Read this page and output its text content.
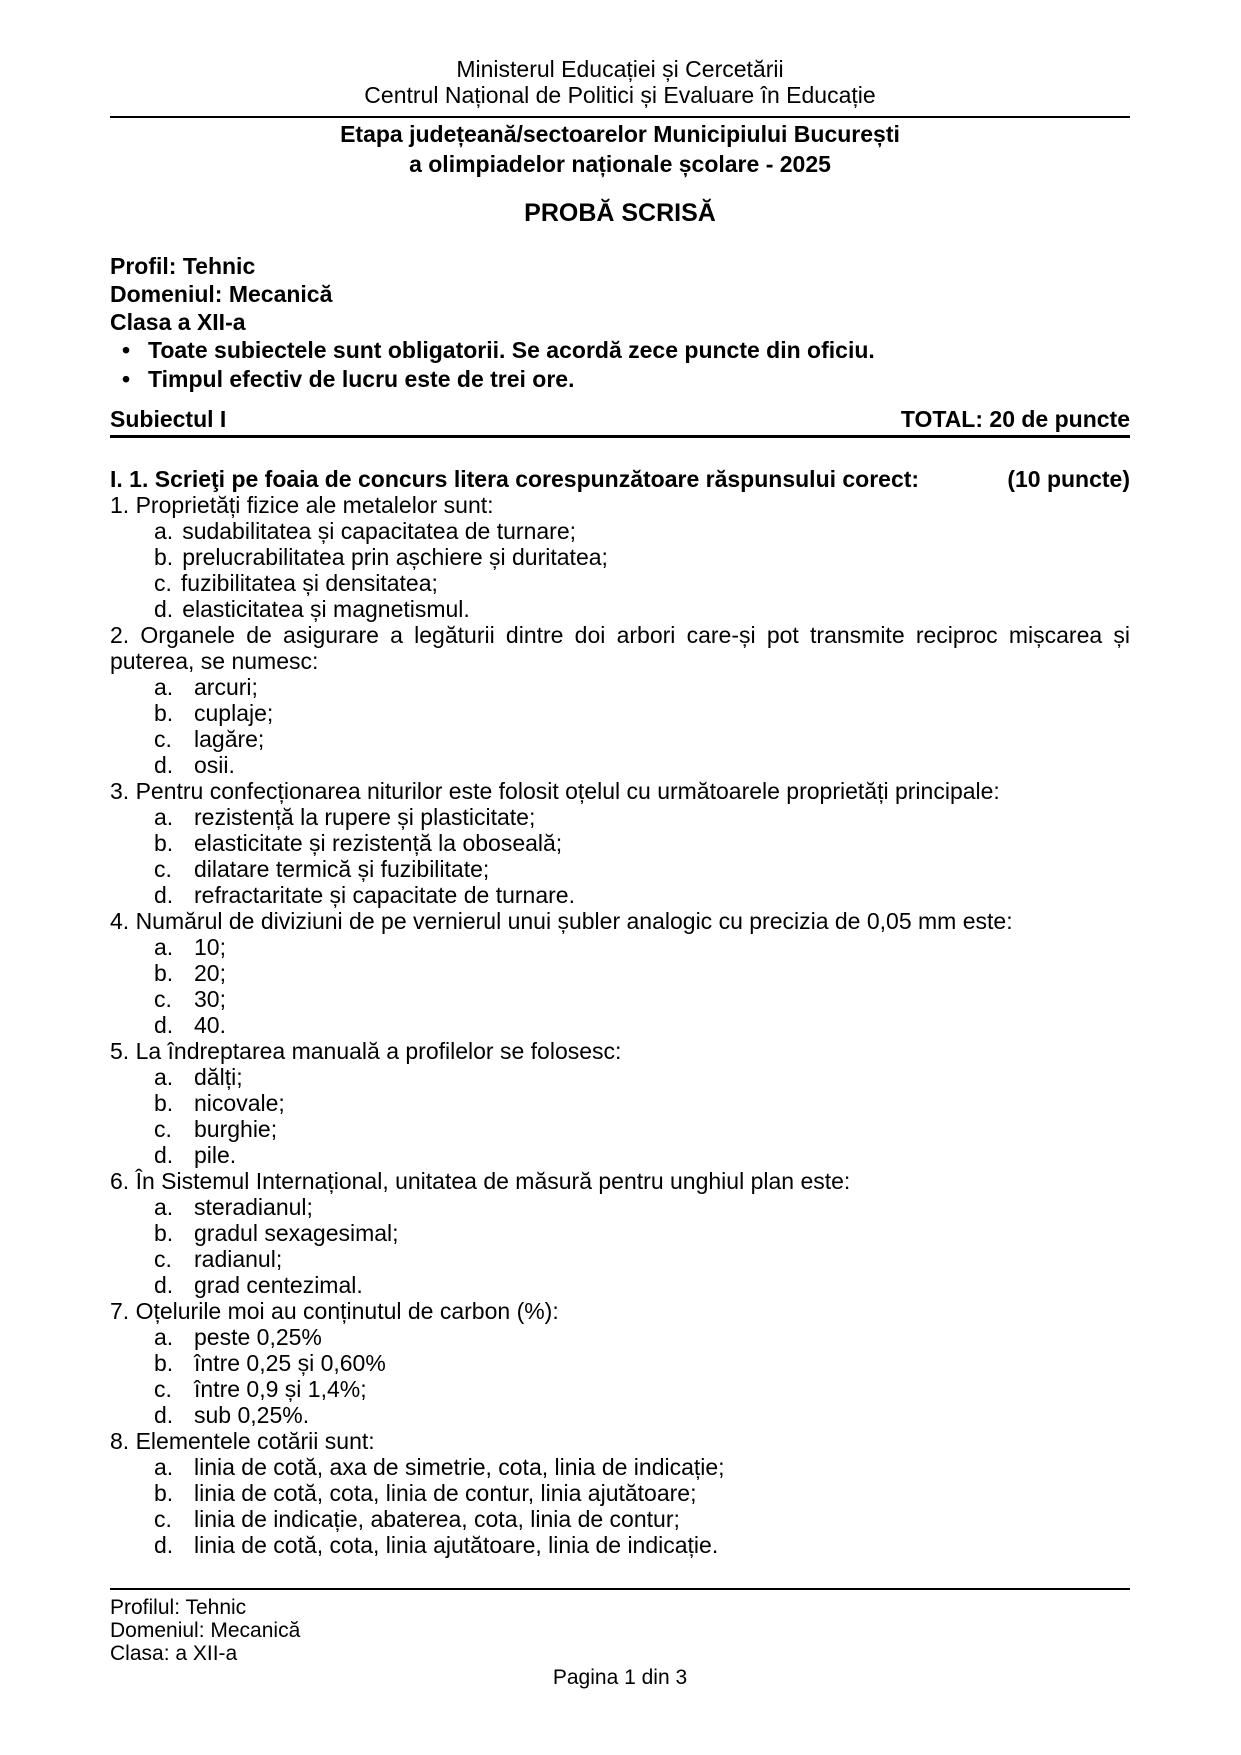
Ministerul Educației și Cercetării
Centrul Național de Politici și Evaluare în Educație
Etapa județeană/sectoarelor Municipiului București
a olimpiadelor naționale școlare - 2025
PROBĂ SCRISĂ
Profil: Tehnic
Domeniul: Mecanică
Clasa a XII-a
• Toate subiectele sunt obligatorii. Se acordă zece puncte din oficiu.
• Timpul efectiv de lucru este de trei ore.
Subiectul I	TOTAL: 20 de puncte
I. 1. Scrieţi pe foaia de concurs litera corespunzătoare răspunsului corect:	(10 puncte)
1. Proprietăți fizice ale metalelor sunt:
a. sudabilitatea și capacitatea de turnare;
b. prelucrabilitatea prin așchiere și duritatea;
c. fuzibilitatea și densitatea;
d. elasticitatea și magnetismul.
2. Organele de asigurare a legăturii dintre doi arbori care-și pot transmite reciproc mișcarea și
puterea, se numesc:
a. arcuri;
b. cuplaje;
c. lagăre;
d. osii.
3. Pentru confecționarea niturilor este folosit oțelul cu următoarele proprietăți principale:
a. rezistență la rupere și plasticitate;
b. elasticitate și rezistență la oboseală;
c. dilatare termică și fuzibilitate;
d. refractaritate și capacitate de turnare.
4. Numărul de diviziuni de pe vernierul unui șubler analogic cu precizia de 0,05 mm este:
a. 10;
b. 20;
c. 30;
d. 40.
5. La îndreptarea manuală a profilelor se folosesc:
a. dălți;
b. nicovale;
c. burghie;
d. pile.
6. În Sistemul Internațional, unitatea de măsură pentru unghiul plan este:
a. steradianul;
b. gradul sexagesimal;
c. radianul;
d. grad centezimal.
7. Oțelurile moi au conținutul de carbon (%):
a. peste 0,25%
b. între 0,25 și 0,60%
c. între 0,9 și 1,4%;
d. sub 0,25%.
8. Elementele cotării sunt:
a. linia de cotă, axa de simetrie, cota, linia de indicație;
b. linia de cotă, cota, linia de contur, linia ajutătoare;
c. linia de indicație, abaterea, cota, linia de contur;
d. linia de cotă, cota, linia ajutătoare, linia de indicație.
Profilul: Tehnic
Domeniul: Mecanică
Clasa: a XII-a
Pagina 1 din 3
